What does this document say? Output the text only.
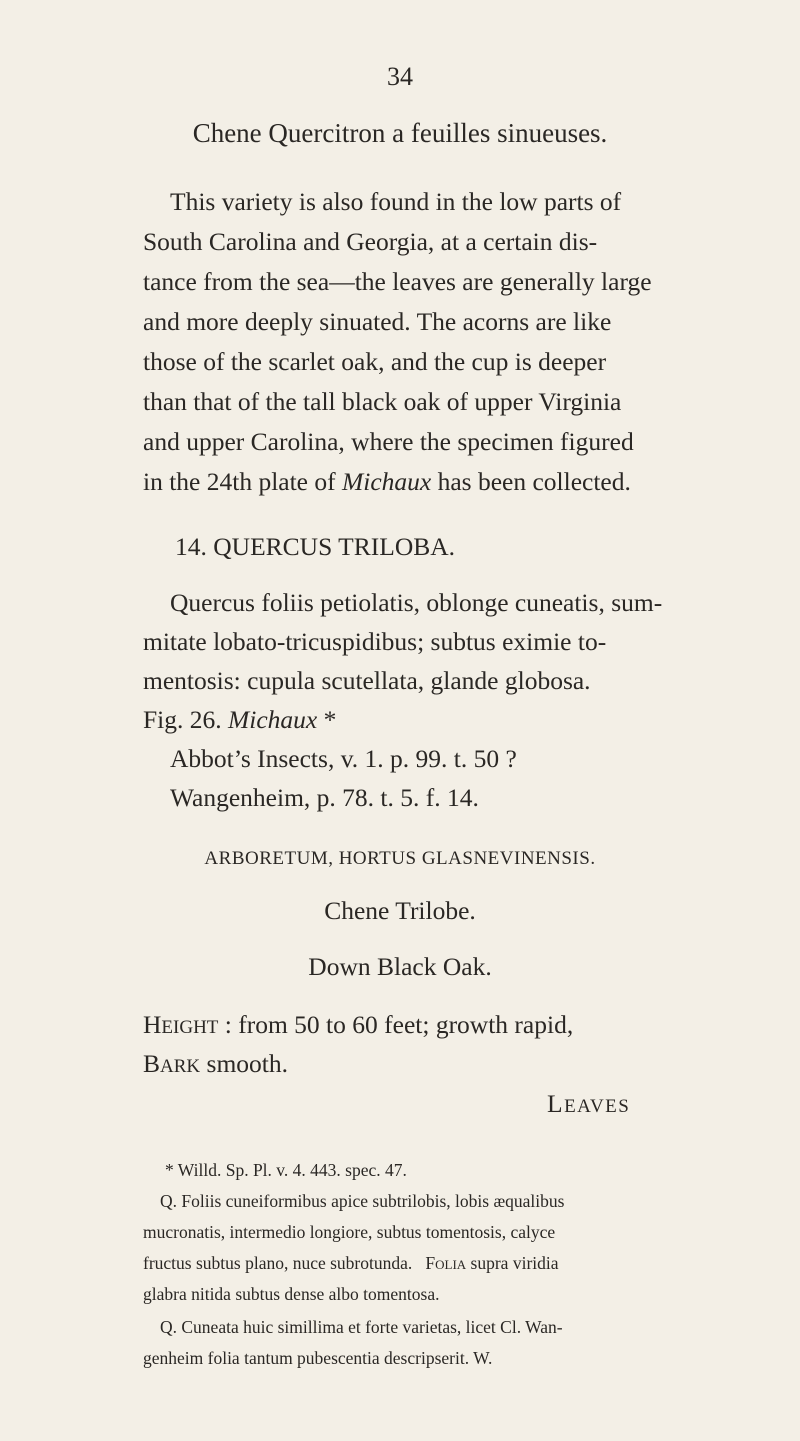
34
Chene Quercitron a feuilles sinueuses.
This variety is also found in the low parts of
South Carolina and Georgia, at a certain dis-
tance from the sea—the leaves are generally large
and more deeply sinuated. The acorns are like
those of the scarlet oak, and the cup is deeper
than that of the tall black oak of upper Virginia
and upper Carolina, where the specimen figured
in the 24th plate of Michaux has been collected.
14. QUERCUS TRILOBA.
Quercus foliis petiolatis, oblonge cuneatis, sum-
mitate lobato-tricuspidibus; subtus eximie to-
mentosis: cupula scutellata, glande globosa.
Fig. 26. Michaux *
Abbot’s Insects, v. 1. p. 99. t. 50 ?
Wangenheim, p. 78. t. 5. f. 14.
ARBORETUM, HORTUS GLASNEVINENSIS.
Chene Trilobe.
Down Black Oak.
HEIGHT : from 50 to 60 feet; growth rapid,
BARK smooth.
LEAVES
* Willd. Sp. Pl. v. 4. 443. spec. 47.
Q. Foliis cuneiformibus apice subtrilobis, lobis æqualibus
mucronatis, intermedio longiore, subtus tomentosis, calyce
fructus subtus plano, nuce subrotunda. FOLIA supra viridia
glabra nitida subtus dense albo tomentosa.
Q. Cuneata huic simillima et forte varietas, licet Cl. Wan-
genheim folia tantum pubescentia descripserit. W.
